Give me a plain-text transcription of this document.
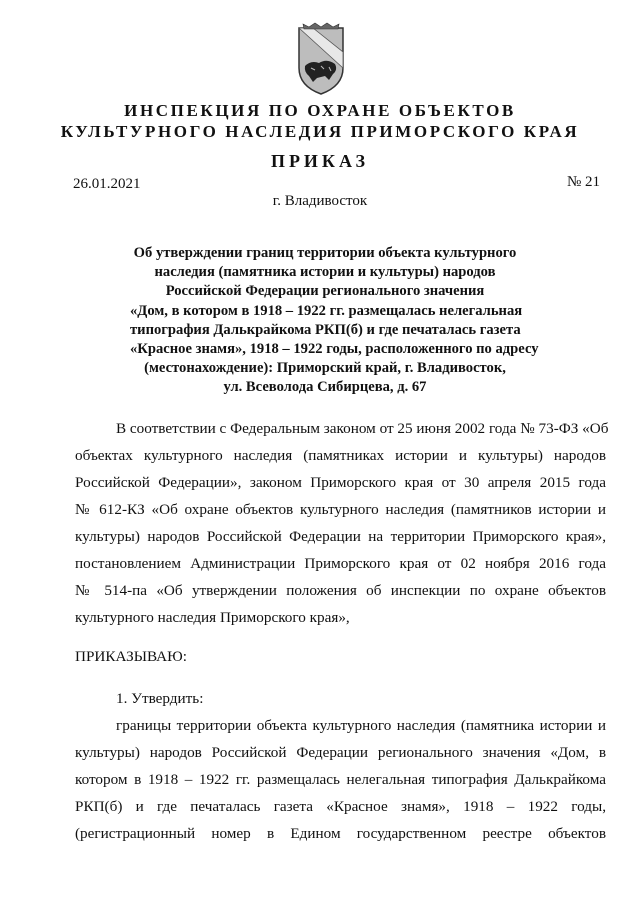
ИНСПЕКЦИЯ ПО ОХРАНЕ ОБЪЕКТОВ
КУЛЬТУРНОГО НАСЛЕДИЯ ПРИМОРСКОГО КРАЯ
ПРИКАЗ
26.01.2021	№ 21
г. Владивосток
Об утверждении границ территории объекта культурного
наследия (памятника истории и культуры) народов
Российской Федерации регионального значения
«Дом, в котором в 1918 – 1922 гг. размещалась нелегальная
типография Далькрайкома РКП(б) и где печаталась газета
«Красное знамя», 1918 – 1922 годы, расположенного по адресу
(местонахождение): Приморский край, г. Владивосток,
ул. Всеволода Сибирцева, д. 67
В соответствии с Федеральным законом от 25 июня 2002 года № 73-ФЗ «Об
объектах культурного наследия (памятниках истории и культуры) народов
Российской Федерации», законом Приморского края от 30 апреля 2015 года
№ 612-КЗ «Об охране объектов культурного наследия (памятников истории и
культуры) народов Российской Федерации на территории Приморского края»,
постановлением Администрации Приморского края от 02 ноября 2016 года
№ 514-па «Об утверждении положения об инспекции по охране объектов
культурного наследия Приморского края»,
ПРИКАЗЫВАЮ:
1. Утвердить:
границы территории объекта культурного наследия (памятника истории и
культуры) народов Российской Федерации регионального значения «Дом, в
котором в 1918 – 1922 гг. размещалась нелегальная типография Далькрайкома
РКП(б) и где печаталась газета «Красное знамя», 1918 – 1922 годы,
(регистрационный номер в Едином государственном реестре объектов
